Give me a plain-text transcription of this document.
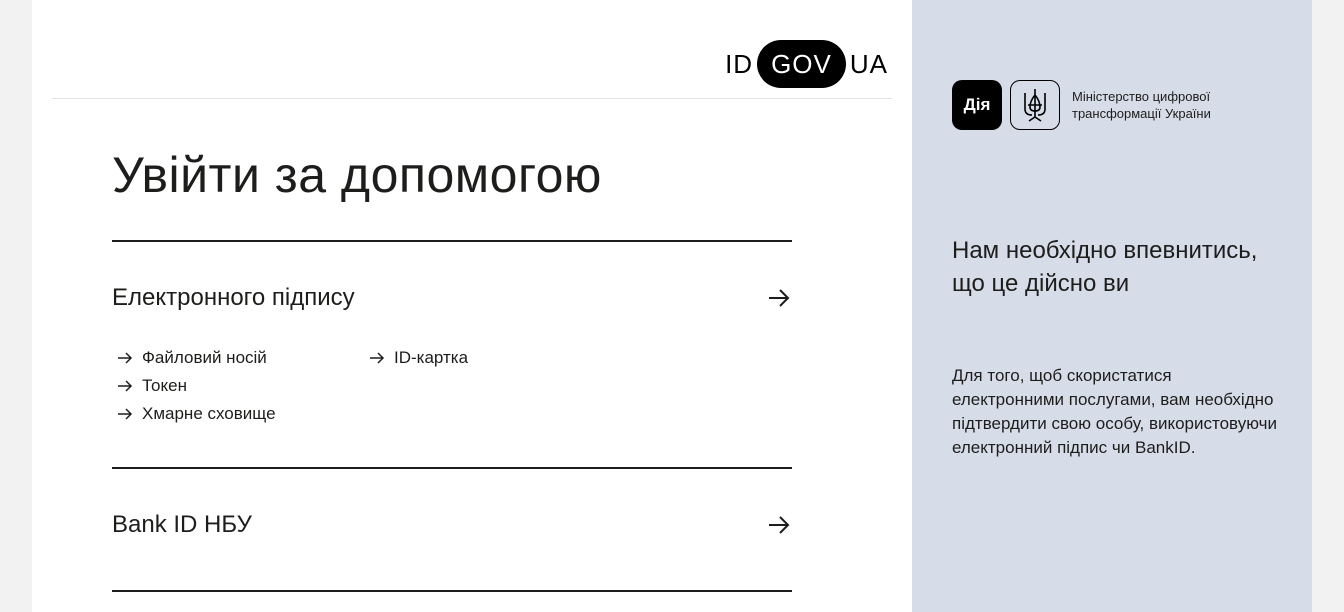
ID GOV UA
Увійти за допомогою
Електронного підпису
Файловий носій
Токен
Хмарне сховище
ID-картка
Bank ID НБУ
Дія	Міністерство цифрової трансформації України
Нам необхідно впевнитись, що це дійсно ви

Для того, щоб скористатися електронними послугами, вам необхідно підтвердити свою особу, використовуючи електронний підпис чи BankID.
